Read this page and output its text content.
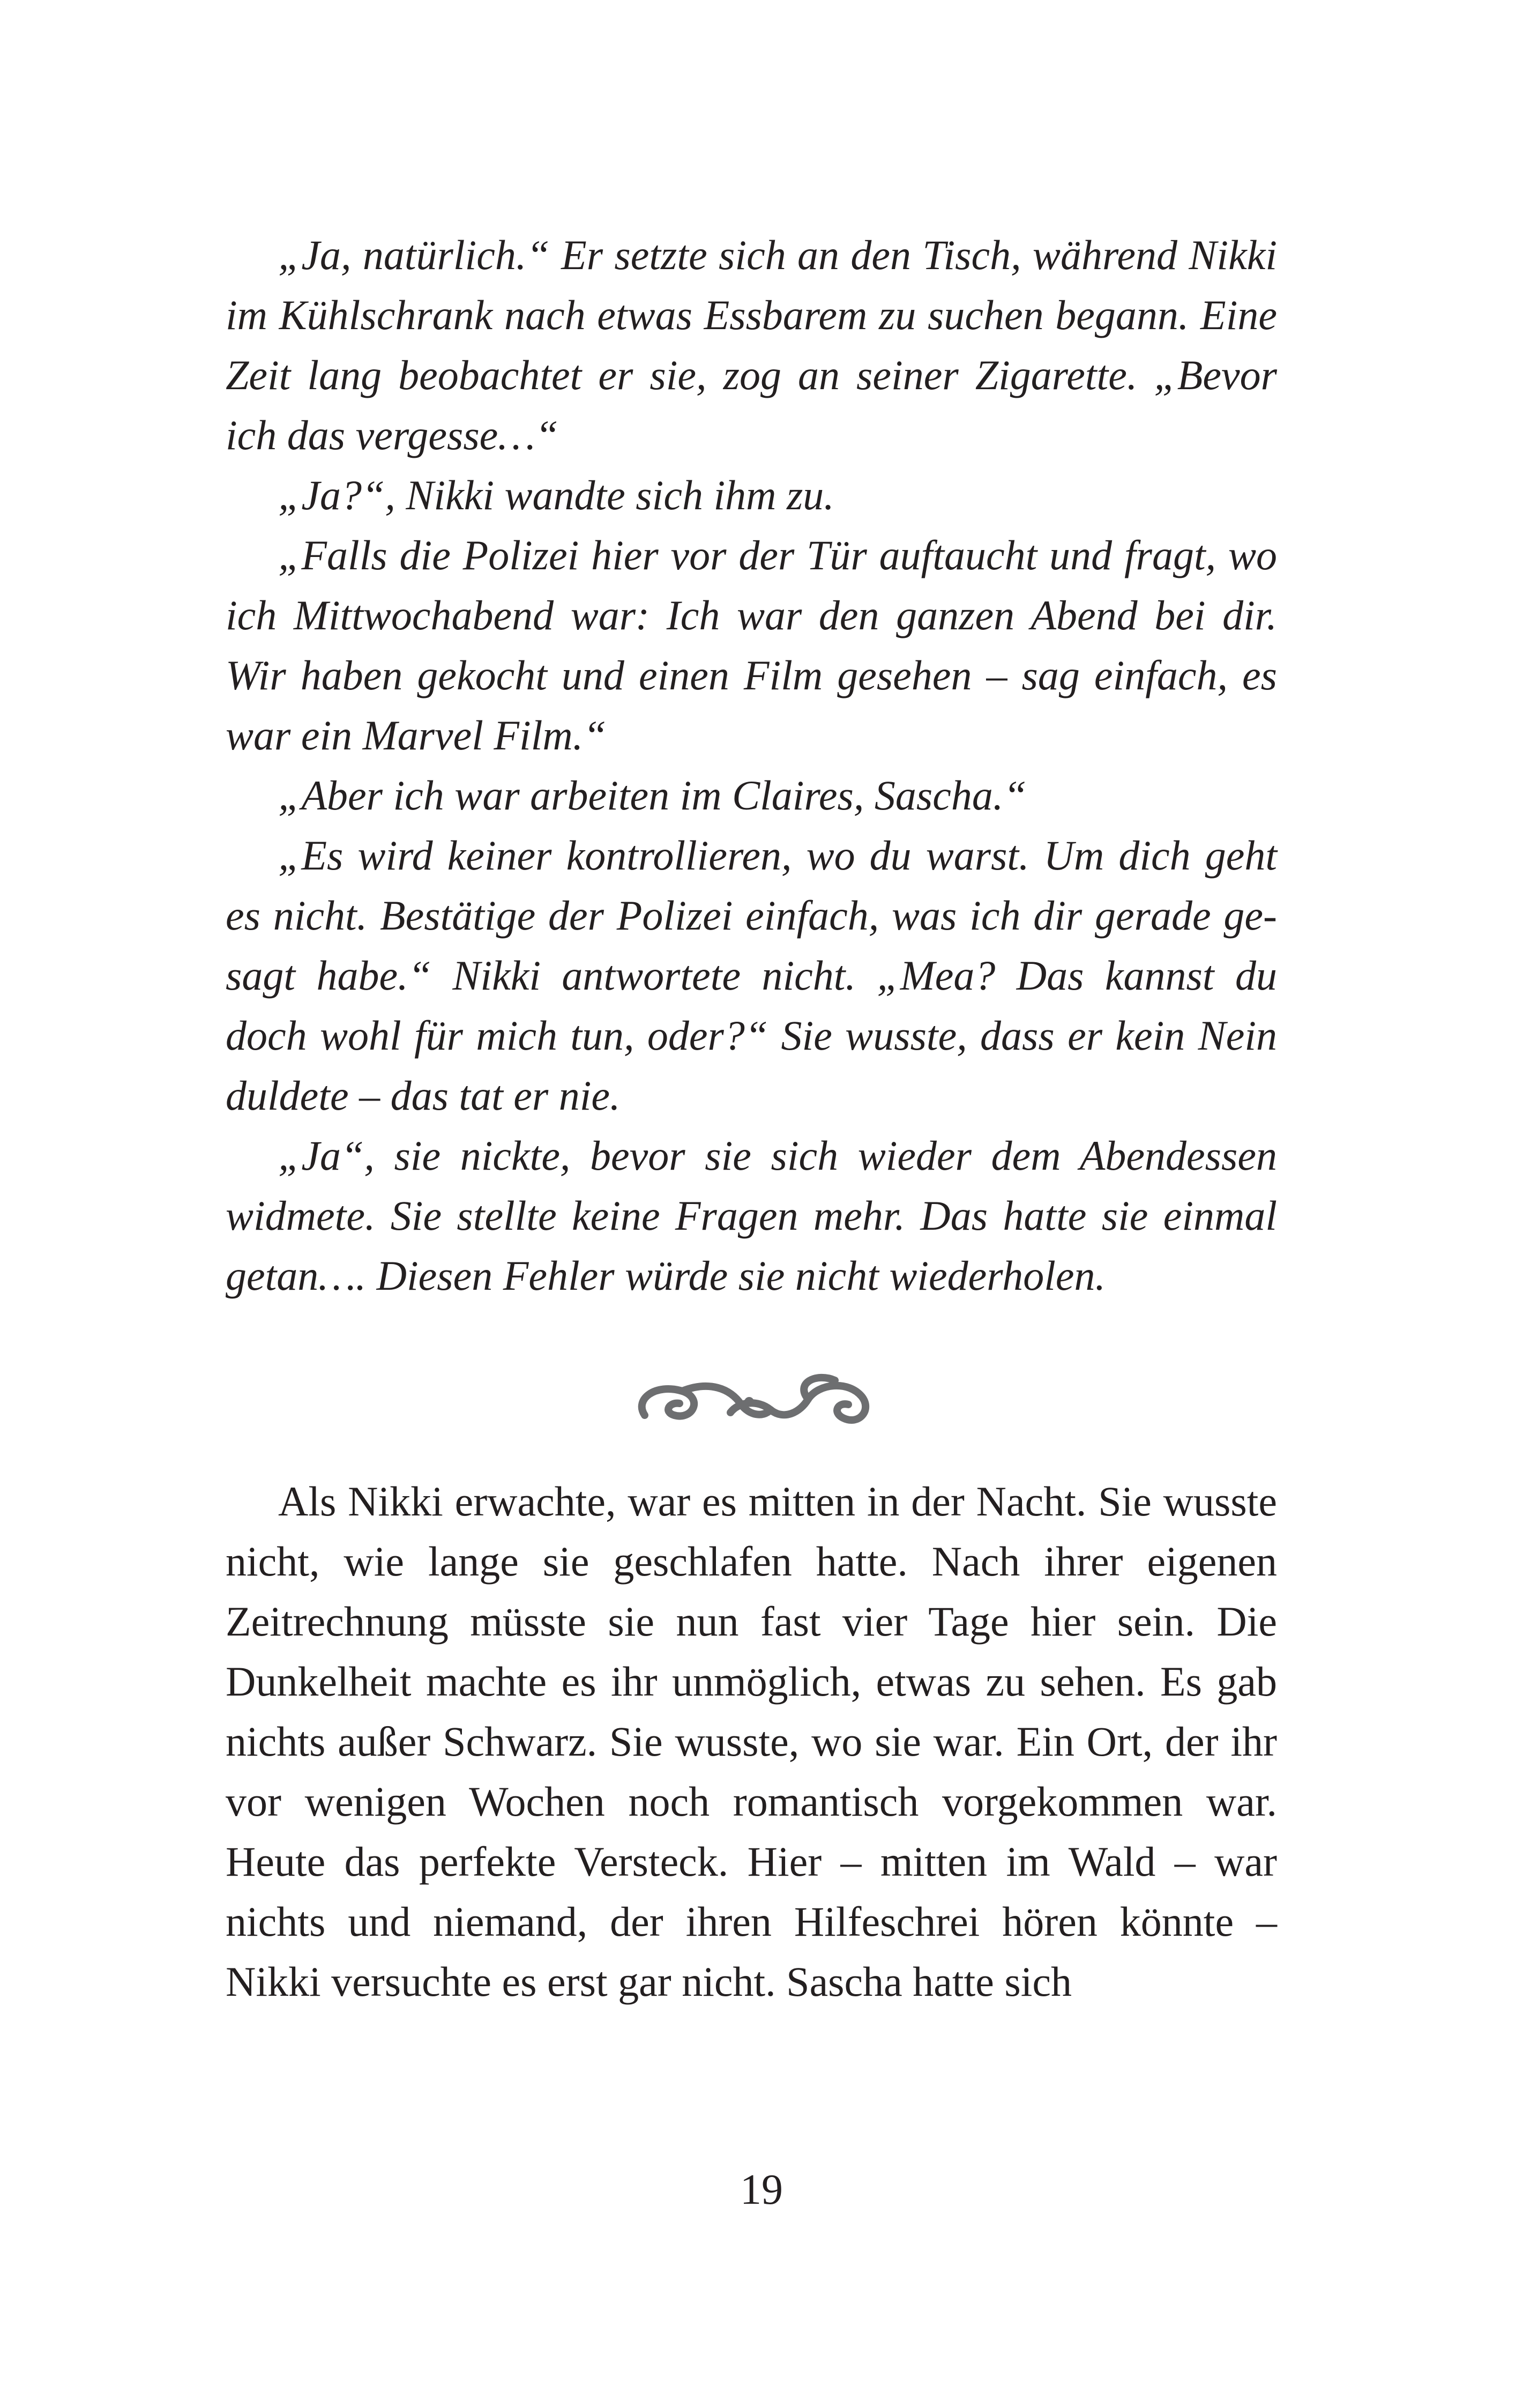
„Ja, natürlich.“ Er setzte sich an den Tisch, während Nikki im Kühlschrank nach etwas Essbarem zu suchen begann. Eine Zeit lang beobachtet er sie, zog an seiner Zigarette. „Bevor ich das vergesse…“

„Ja?“, Nikki wandte sich ihm zu.

„Falls die Polizei hier vor der Tür auftaucht und fragt, wo ich Mittwochabend war: Ich war den ganzen Abend bei dir. Wir haben gekocht und einen Film gesehen – sag einfach, es war ein Marvel Film.“

„Aber ich war arbeiten im Claires, Sascha.“

„Es wird keiner kontrollieren, wo du warst. Um dich geht es nicht. Bestätige der Polizei einfach, was ich dir gerade gesagt habe.“ Nikki antwortete nicht. „Mea? Das kannst du doch wohl für mich tun, oder?“ Sie wusste, dass er kein Nein duldete – das tat er nie.

„Ja“, sie nickte, bevor sie sich wieder dem Abendessen widmete. Sie stellte keine Fragen mehr. Das hatte sie einmal getan…. Diesen Fehler würde sie nicht wiederholen.

Als Nikki erwachte, war es mitten in der Nacht. Sie wusste nicht, wie lange sie geschlafen hatte. Nach ihrer eigenen Zeitrechnung müsste sie nun fast vier Tage hier sein. Die Dunkelheit machte es ihr unmöglich, etwas zu sehen. Es gab nichts außer Schwarz. Sie wusste, wo sie war. Ein Ort, der ihr vor wenigen Wochen noch romantisch vorgekommen war. Heute das perfekte Versteck. Hier – mitten im Wald – war nichts und niemand, der ihren Hilfeschrei hören könnte – Nikki versuchte es erst gar nicht. Sascha hatte sich

19
